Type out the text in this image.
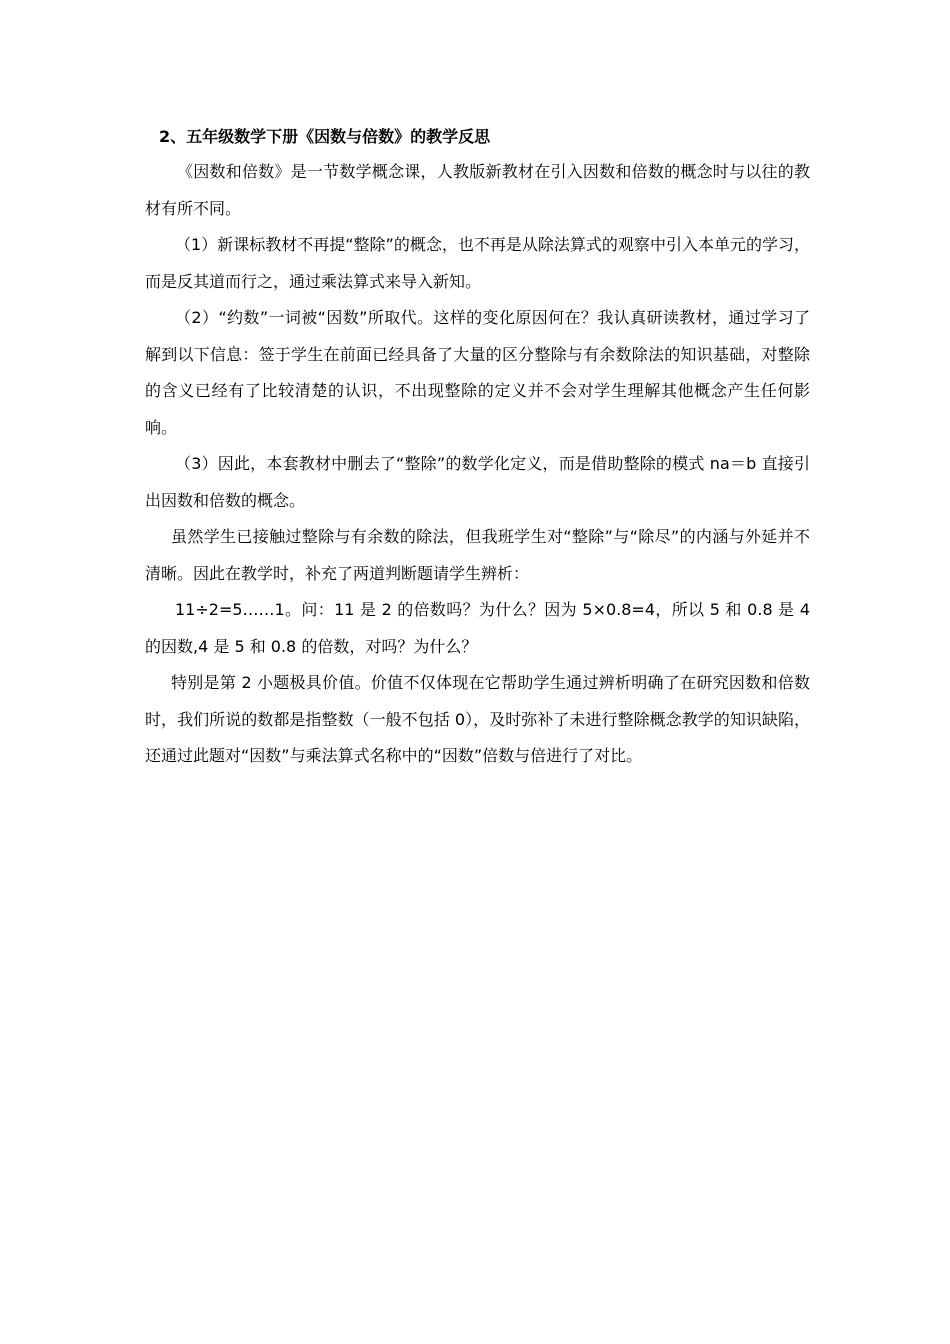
2、五年级数学下册《因数与倍数》的教学反思

《因数和倍数》是一节数学概念课，人教版新教材在引入因数和倍数的概念时与以往的教材有所不同。

（1）新课标教材不再提“整除”的概念，也不再是从除法算式的观察中引入本单元的学习，而是反其道而行之，通过乘法算式来导入新知。

（2）“约数”一词被“因数”所取代。这样的变化原因何在？我认真研读教材，通过学习了解到以下信息：签于学生在前面已经具备了大量的区分整除与有余数除法的知识基础，对整除的含义已经有了比较清楚的认识，不出现整除的定义并不会对学生理解其他概念产生任何影响。

（3）因此，本套教材中删去了“整除”的数学化定义，而是借助整除的模式 na＝b 直接引出因数和倍数的概念。

虽然学生已接触过整除与有余数的除法，但我班学生对“整除”与“除尽”的内涵与外延并不清晰。因此在教学时，补充了两道判断题请学生辨析：

11÷2=5……1。问：11 是 2 的倍数吗？为什么？因为 5×0.8=4，所以 5 和 0.8 是 4 的因数,4 是 5 和 0.8 的倍数，对吗？为什么？

特别是第 2 小题极具价值。价值不仅体现在它帮助学生通过辨析明确了在研究因数和倍数时，我们所说的数都是指整数（一般不包括 0），及时弥补了未进行整除概念教学的知识缺陷，还通过此题对“因数”与乘法算式名称中的“因数”倍数与倍进行了对比。
